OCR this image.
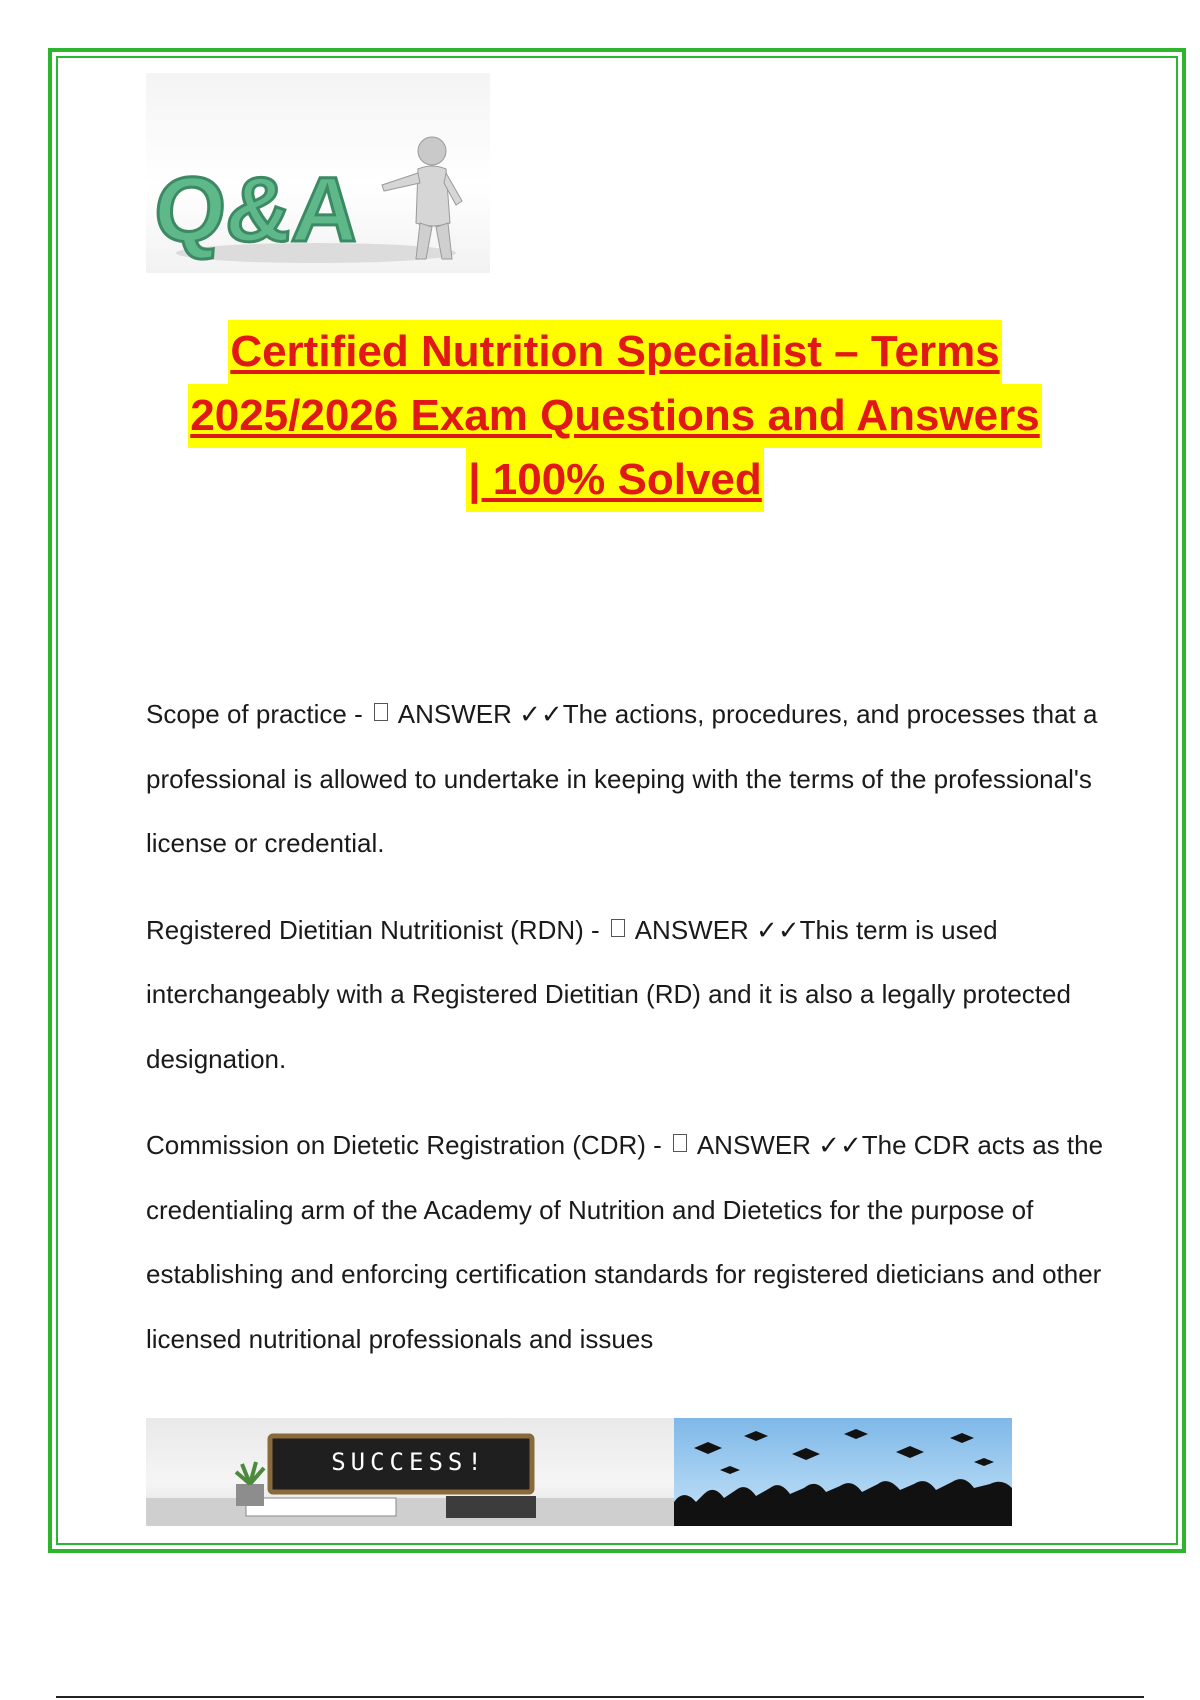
Q&A
Certified Nutrition Specialist – Terms
2025/2026 Exam Questions and Answers
| 100% Solved

Scope of practice -  ANSWER ✓✓The actions, procedures, and processes that a professional is allowed to undertake in keeping with the terms of the professional's license or credential.

Registered Dietitian Nutritionist (RDN) -  ANSWER ✓✓This term is used interchangeably with a Registered Dietitian (RD) and it is also a legally protected designation.

Commission on Dietetic Registration (CDR) -  ANSWER ✓✓The CDR acts as the credentialing arm of the Academy of Nutrition and Dietetics for the purpose of establishing and enforcing certification standards for registered dieticians and other licensed nutritional professionals and issues

SUCCESS!
